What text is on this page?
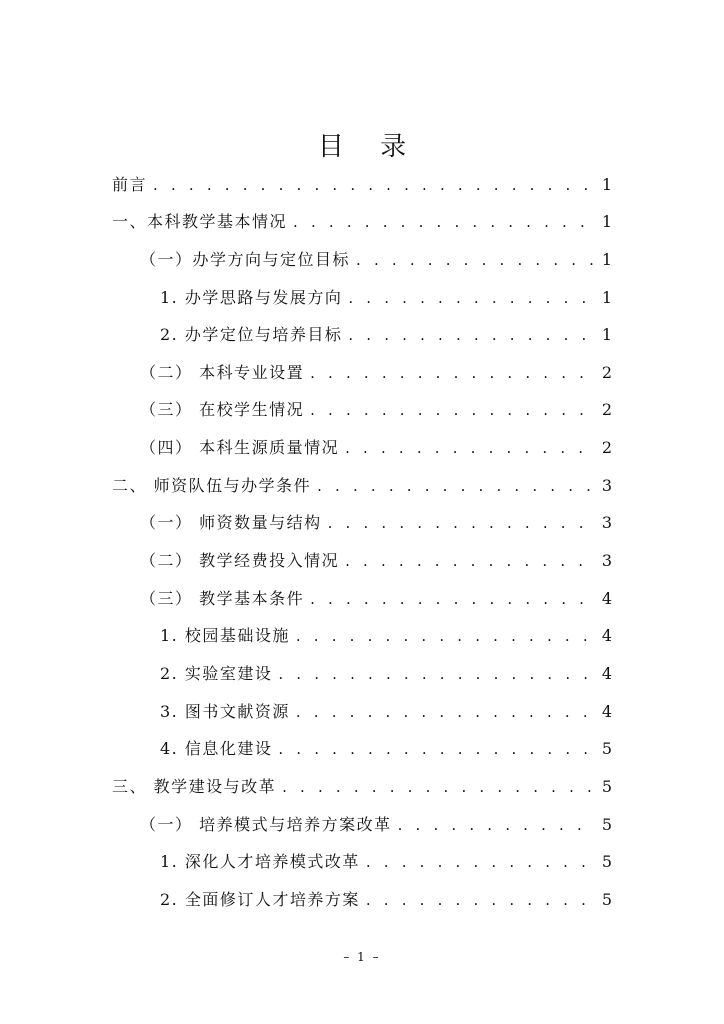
目 录
前言 . . .	1
一、本科教学基本情况 . . .	1
（一）办学方向与定位目标 . . .	1
1. 办学思路与发展方向 . . .	1
2. 办学定位与培养目标 . . .	1
（二） 本科专业设置 . . .	2
（三） 在校学生情况 . . .	2
（四） 本科生源质量情况 . . .	2
二、 师资队伍与办学条件 . . .	3
（一） 师资数量与结构 . . .	3
（二） 教学经费投入情况 . . .	3
（三） 教学基本条件 . . .	4
1. 校园基础设施 . . .	4
2. 实验室建设 . . .	4
3. 图书文献资源 . . .	4
4. 信息化建设 . . .	5
三、 教学建设与改革 . . .	5
（一） 培养模式与培养方案改革 . . .	5
1. 深化人才培养模式改革 . . .	5
2. 全面修订人才培养方案 . . .	5
– 1 –
